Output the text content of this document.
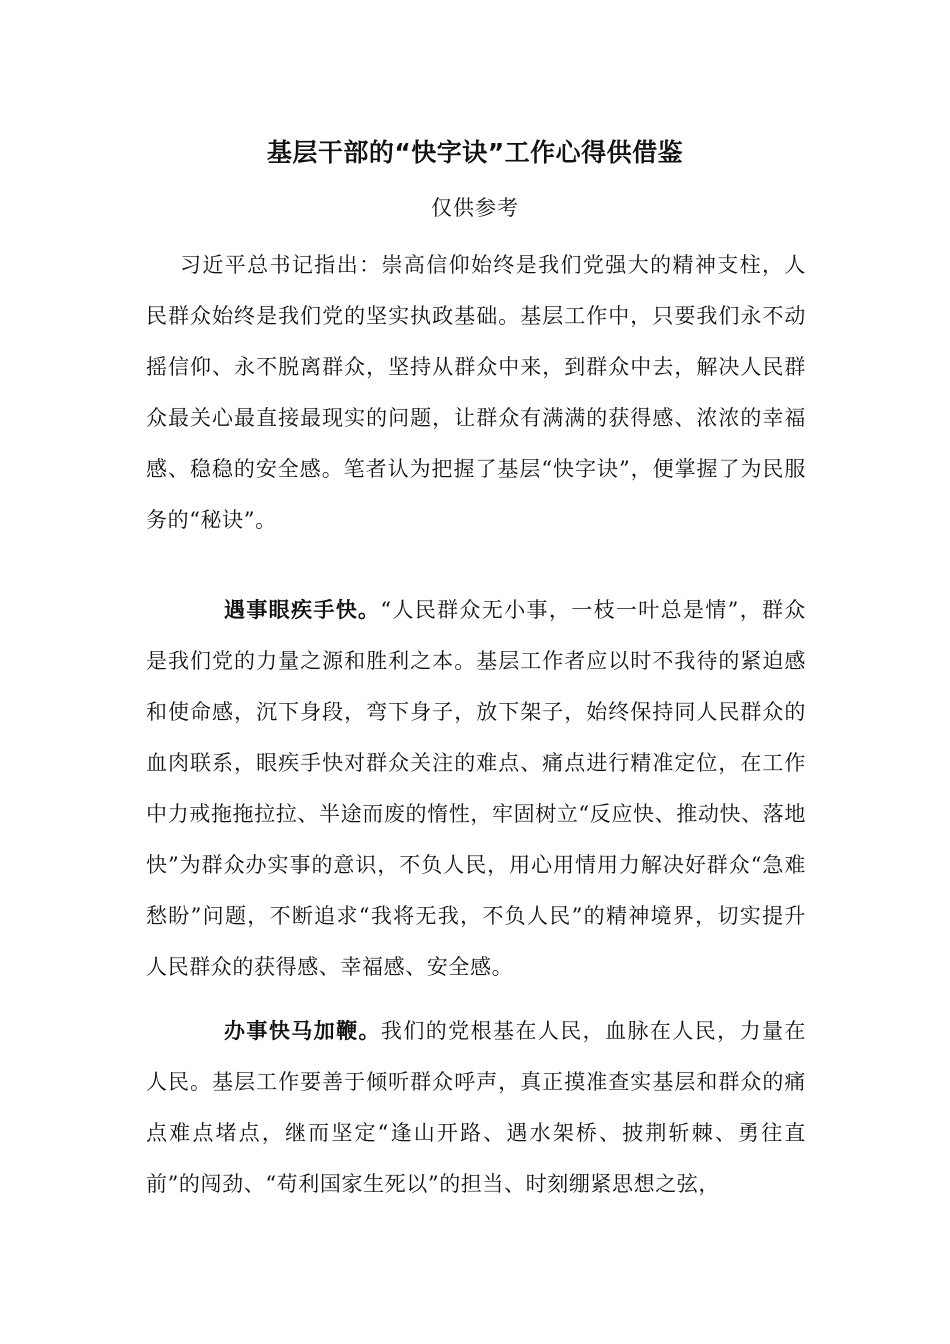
基层干部的“快字诀”工作心得供借鉴
仅供参考

习近平总书记指出：崇高信仰始终是我们党强大的精神支柱，人民群众始终是我们党的坚实执政基础。基层工作中，只要我们永不动摇信仰、永不脱离群众，坚持从群众中来，到群众中去，解决人民群众最关心最直接最现实的问题，让群众有满满的获得感、浓浓的幸福感、稳稳的安全感。笔者认为把握了基层“快字诀”，便掌握了为民服务的“秘诀”。

遇事眼疾手快。“人民群众无小事，一枝一叶总是情”，群众是我们党的力量之源和胜利之本。基层工作者应以时不我待的紧迫感和使命感，沉下身段，弯下身子，放下架子，始终保持同人民群众的血肉联系，眼疾手快对群众关注的难点、痛点进行精准定位，在工作中力戒拖拖拉拉、半途而废的惰性，牢固树立“反应快、推动快、落地快”为群众办实事的意识，不负人民，用心用情用力解决好群众“急难愁盼”问题，不断追求“我将无我，不负人民”的精神境界，切实提升人民群众的获得感、幸福感、安全感。

办事快马加鞭。我们的党根基在人民，血脉在人民，力量在人民。基层工作要善于倾听群众呼声，真正摸准查实基层和群众的痛点难点堵点，继而坚定“逢山开路、遇水架桥、披荆斩棘、勇往直前”的闯劲、“苟利国家生死以”的担当、时刻绷紧思想之弦，
